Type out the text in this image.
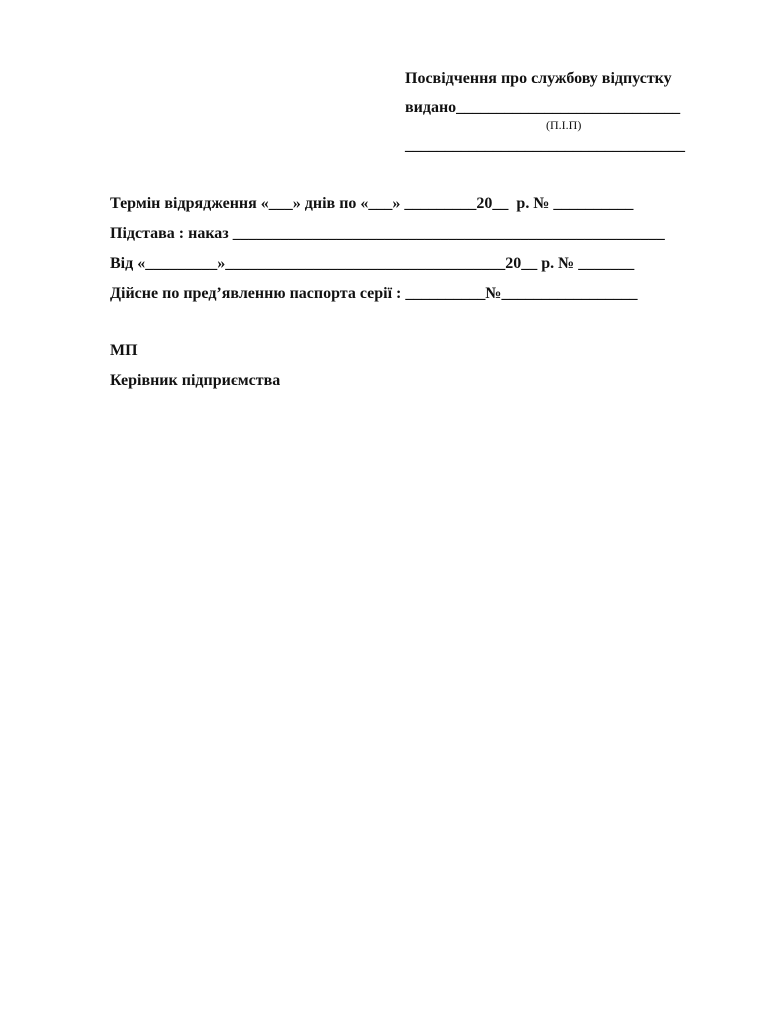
Посвідчення про службову відпустку
видано____________________________
(П.І.П)
___________________________________
Термін відрядження «___» днів по «___» _________20__  р. № __________
Підстава : наказ ______________________________________________________
Від «_________»___________________________________20__ р. № _______
Дійсне по пред’явленню паспорта серії : __________№_________________
МП
Керівник підприємства
